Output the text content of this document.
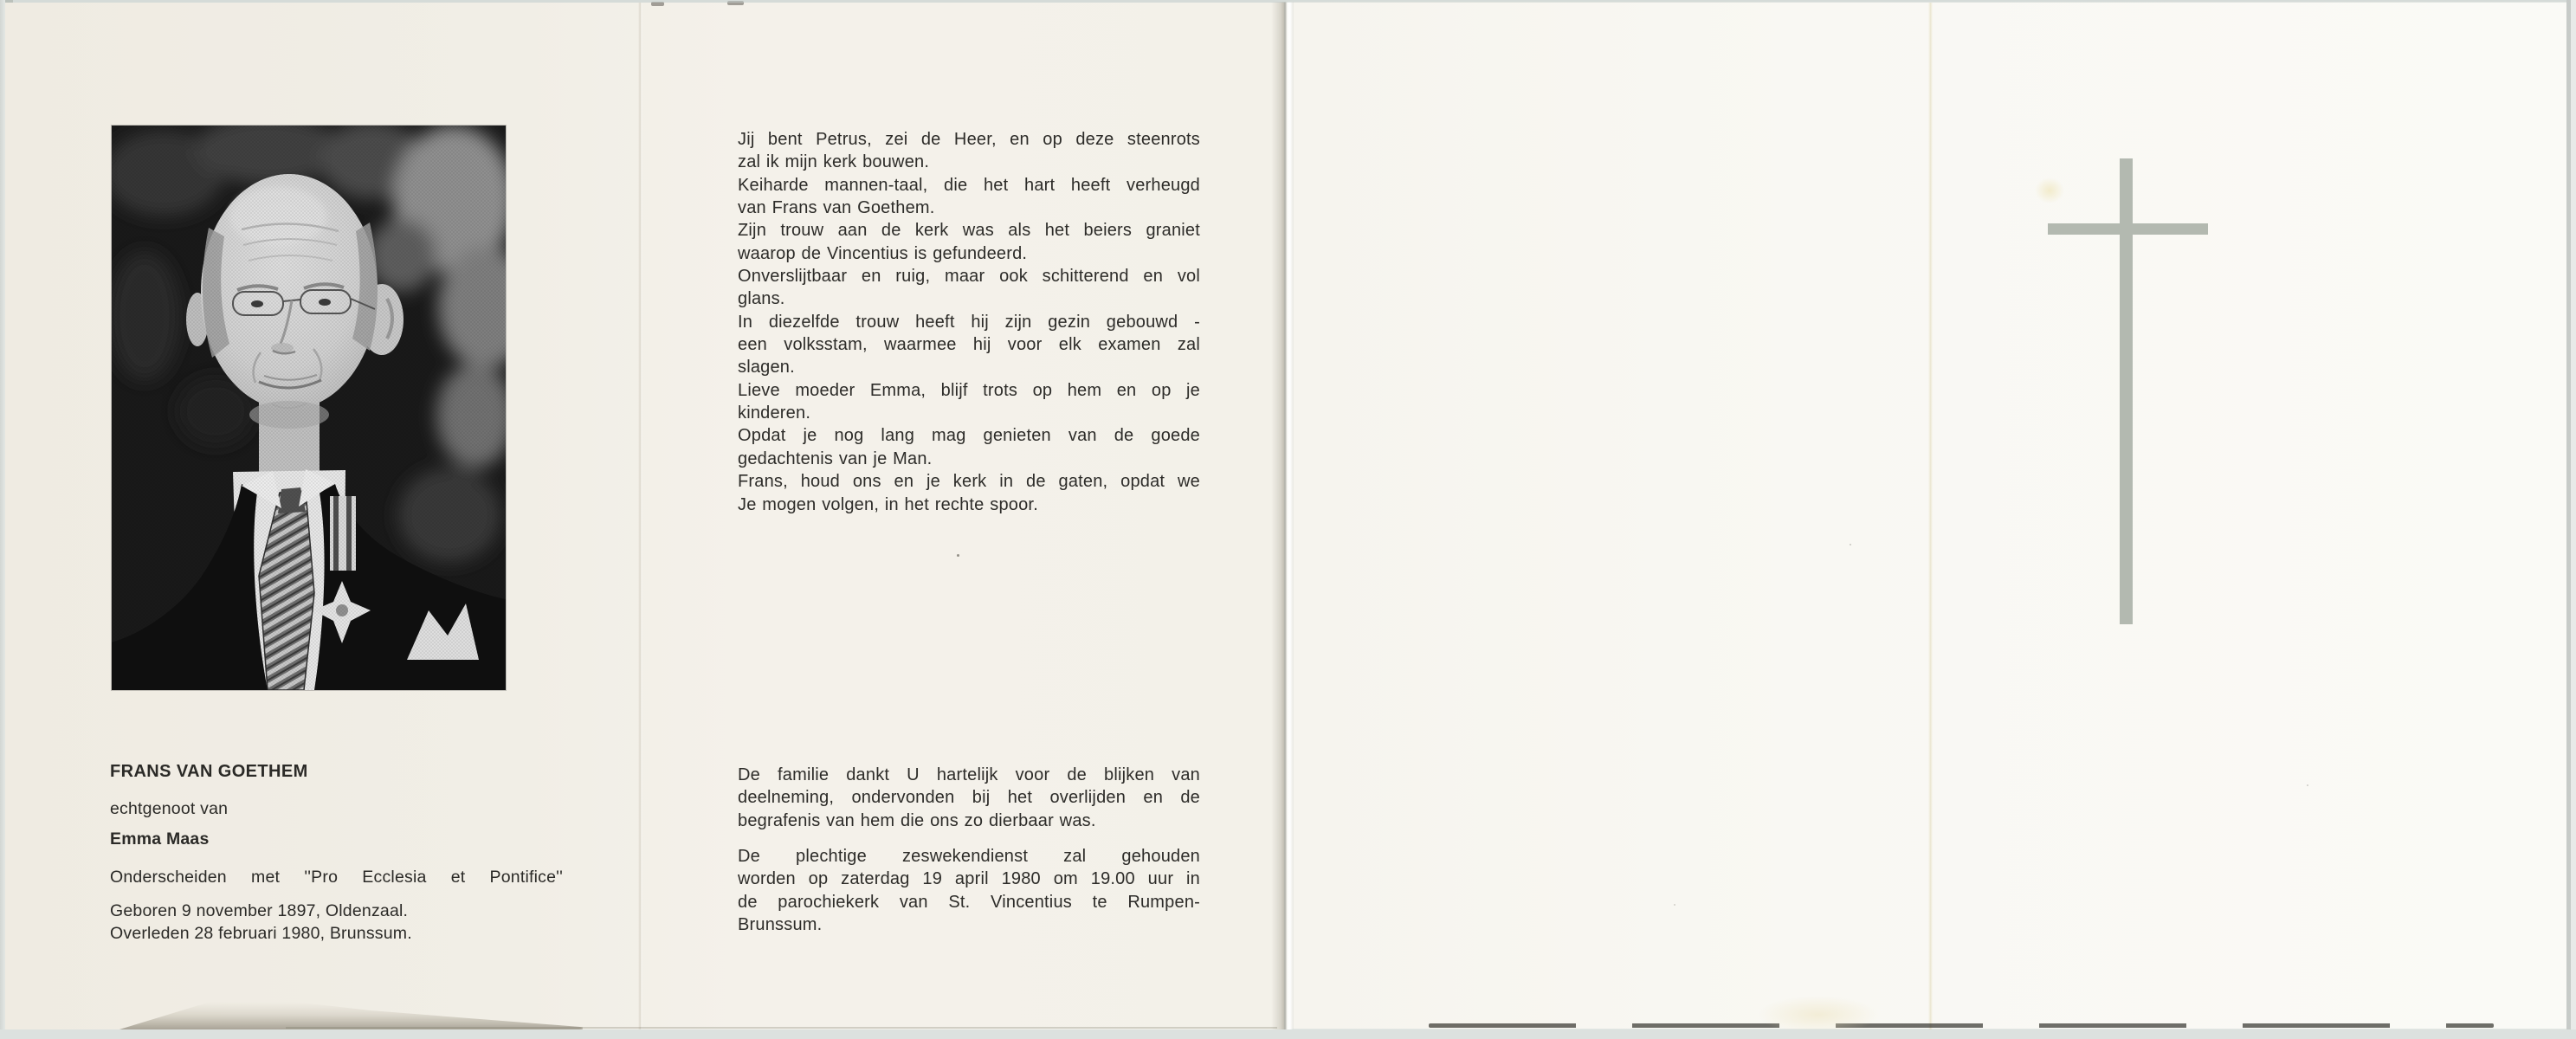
FRANS VAN GOETHEM
echtgenoot van
Emma Maas
Onderscheiden met ''Pro Ecclesia et Pontifice''
Geboren 9 november 1897, Oldenzaal.
Overleden 28 februari 1980, Brunssum.
Jij bent Petrus, zei de Heer, en op deze steenrots
zal ik mijn kerk bouwen.
Keiharde mannen-taal, die het hart heeft verheugd
van Frans van Goethem.
Zijn trouw aan de kerk was als het beiers graniet
waarop de Vincentius is gefundeerd.
Onverslijtbaar en ruig, maar ook schitterend en vol
glans.
In diezelfde trouw heeft hij zijn gezin gebouwd -
een volksstam, waarmee hij voor elk examen zal
slagen.
Lieve moeder Emma, blijf trots op hem en op je
kinderen.
Opdat je nog lang mag genieten van de goede
gedachtenis van je Man.
Frans, houd ons en je kerk in de gaten, opdat we
Je mogen volgen, in het rechte spoor.
De familie dankt U hartelijk voor de blijken van
deelneming, ondervonden bij het overlijden en de
begrafenis van hem die ons zo dierbaar was.
De plechtige zeswekendienst zal gehouden
worden op zaterdag 19 april 1980 om 19.00 uur in
de parochiekerk van St. Vincentius te Rumpen-
Brunssum.
